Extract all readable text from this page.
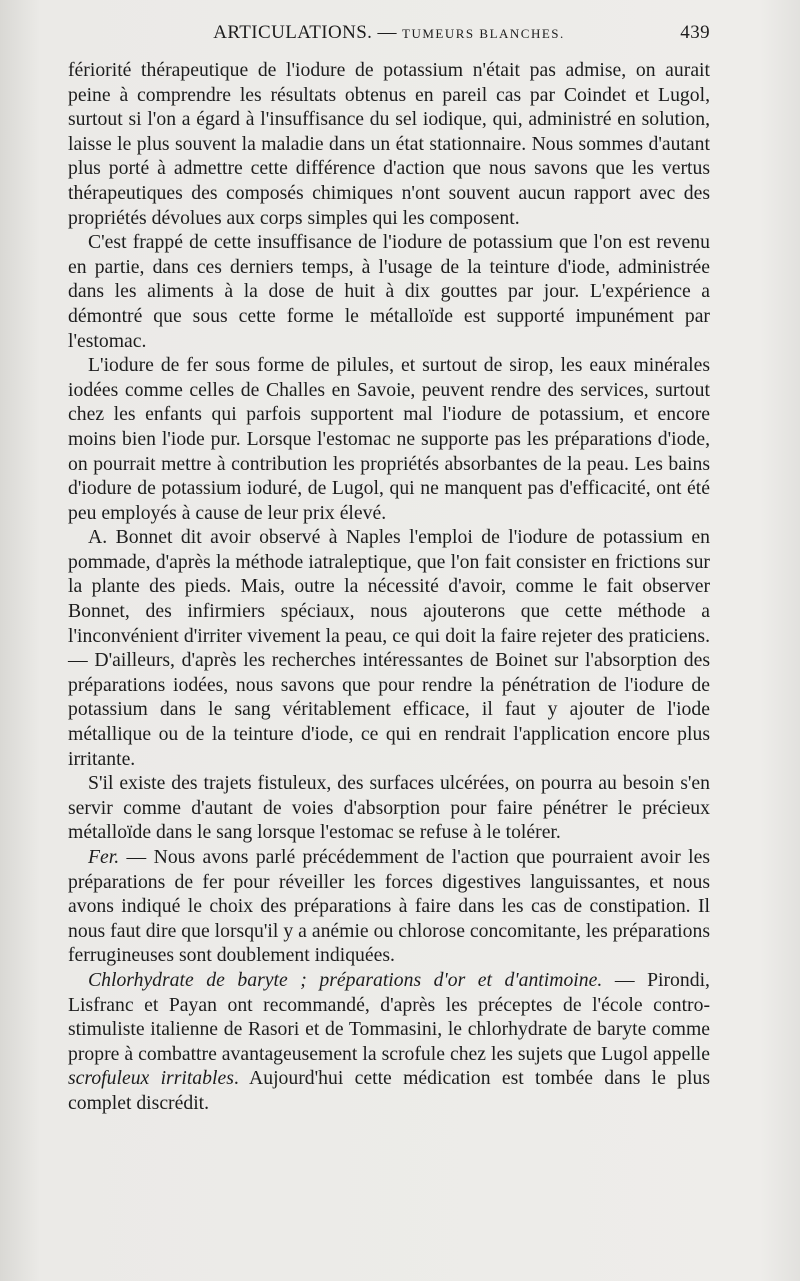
ARTICULATIONS. — TUMEURS BLANCHES.	439

fériorité thérapeutique de l'iodure de potassium n'était pas admise, on aurait peine à comprendre les résultats obtenus en pareil cas par Coindet et Lugol, surtout si l'on a égard à l'insuffisance du sel iodique, qui, administré en solution, laisse le plus souvent la maladie dans un état stationnaire. Nous sommes d'autant plus porté à admettre cette différence d'action que nous savons que les vertus thérapeutiques des composés chimiques n'ont souvent aucun rapport avec des propriétés dévolues aux corps simples qui les composent.

C'est frappé de cette insuffisance de l'iodure de potassium que l'on est revenu en partie, dans ces derniers temps, à l'usage de la teinture d'iode, administrée dans les aliments à la dose de huit à dix gouttes par jour. L'expérience a démontré que sous cette forme le métalloïde est supporté impunément par l'estomac.

L'iodure de fer sous forme de pilules, et surtout de sirop, les eaux minérales iodées comme celles de Challes en Savoie, peuvent rendre des services, surtout chez les enfants qui parfois supportent mal l'iodure de potassium, et encore moins bien l'iode pur. Lorsque l'estomac ne supporte pas les préparations d'iode, on pourrait mettre à contribution les propriétés absorbantes de la peau. Les bains d'iodure de potassium ioduré, de Lugol, qui ne manquent pas d'efficacité, ont été peu employés à cause de leur prix élevé.

A. Bonnet dit avoir observé à Naples l'emploi de l'iodure de potassium en pommade, d'après la méthode iatraleptique, que l'on fait consister en frictions sur la plante des pieds. Mais, outre la nécessité d'avoir, comme le fait observer Bonnet, des infirmiers spéciaux, nous ajouterons que cette méthode a l'inconvénient d'irriter vivement la peau, ce qui doit la faire rejeter des praticiens. — D'ailleurs, d'après les recherches intéressantes de Boinet sur l'absorption des préparations iodées, nous savons que pour rendre la pénétration de l'iodure de potassium dans le sang véritablement efficace, il faut y ajouter de l'iode métallique ou de la teinture d'iode, ce qui en rendrait l'application encore plus irritante.

S'il existe des trajets fistuleux, des surfaces ulcérées, on pourra au besoin s'en servir comme d'autant de voies d'absorption pour faire pénétrer le précieux métalloïde dans le sang lorsque l'estomac se refuse à le tolérer.

Fer. — Nous avons parlé précédemment de l'action que pourraient avoir les préparations de fer pour réveiller les forces digestives languissantes, et nous avons indiqué le choix des préparations à faire dans les cas de constipation. Il nous faut dire que lorsqu'il y a anémie ou chlorose concomitante, les préparations ferrugineuses sont doublement indiquées.

Chlorhydrate de baryte ; préparations d'or et d'antimoine. — Pirondi, Lisfranc et Payan ont recommandé, d'après les préceptes de l'école contro-stimuliste italienne de Rasori et de Tommasini, le chlorhydrate de baryte comme propre à combattre avantageusement la scrofule chez les sujets que Lugol appelle scrofuleux irritables. Aujourd'hui cette médication est tombée dans le plus complet discrédit.
